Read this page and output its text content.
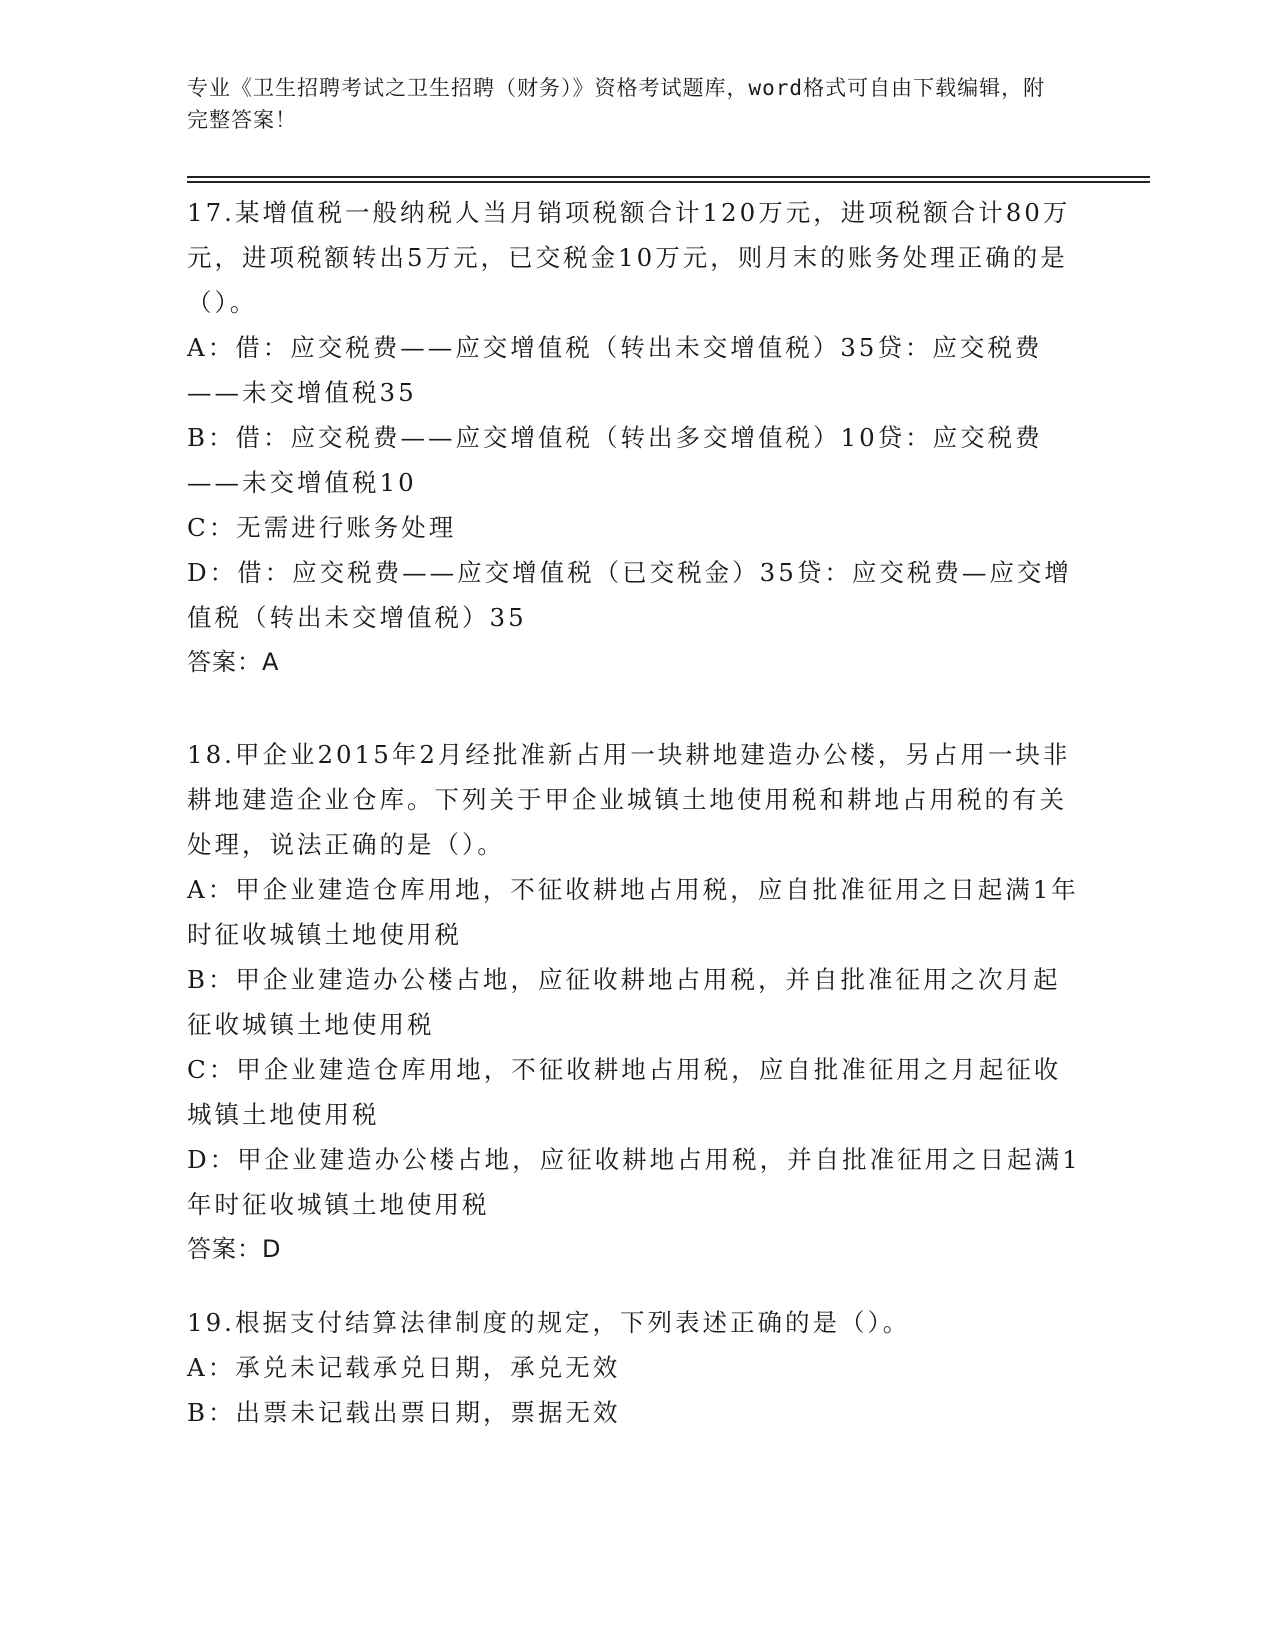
专业《卫生招聘考试之卫生招聘（财务）》资格考试题库，word格式可自由下载编辑，附完整答案！

17.某增值税一般纳税人当月销项税额合计120万元，进项税额合计80万元，进项税额转出5万元，已交税金10万元，则月末的账务处理正确的是（）。

A：借：应交税费——应交增值税（转出未交增值税）35贷：应交税费——未交增值税35

B：借：应交税费——应交增值税（转出多交增值税）10贷：应交税费——未交增值税10

C：无需进行账务处理

D：借：应交税费——应交增值税（已交税金）35贷：应交税费—应交增值税（转出未交增值税）35

答案：A

18.甲企业2015年2月经批准新占用一块耕地建造办公楼，另占用一块非耕地建造企业仓库。下列关于甲企业城镇土地使用税和耕地占用税的有关处理，说法正确的是（）。

A：甲企业建造仓库用地，不征收耕地占用税，应自批准征用之日起满1年时征收城镇土地使用税

B：甲企业建造办公楼占地，应征收耕地占用税，并自批准征用之次月起征收城镇土地使用税

C：甲企业建造仓库用地，不征收耕地占用税，应自批准征用之月起征收城镇土地使用税

D：甲企业建造办公楼占地，应征收耕地占用税，并自批准征用之日起满1年时征收城镇土地使用税

答案：D

19.根据支付结算法律制度的规定，下列表述正确的是（）。

A：承兑未记载承兑日期，承兑无效

B：出票未记载出票日期，票据无效
